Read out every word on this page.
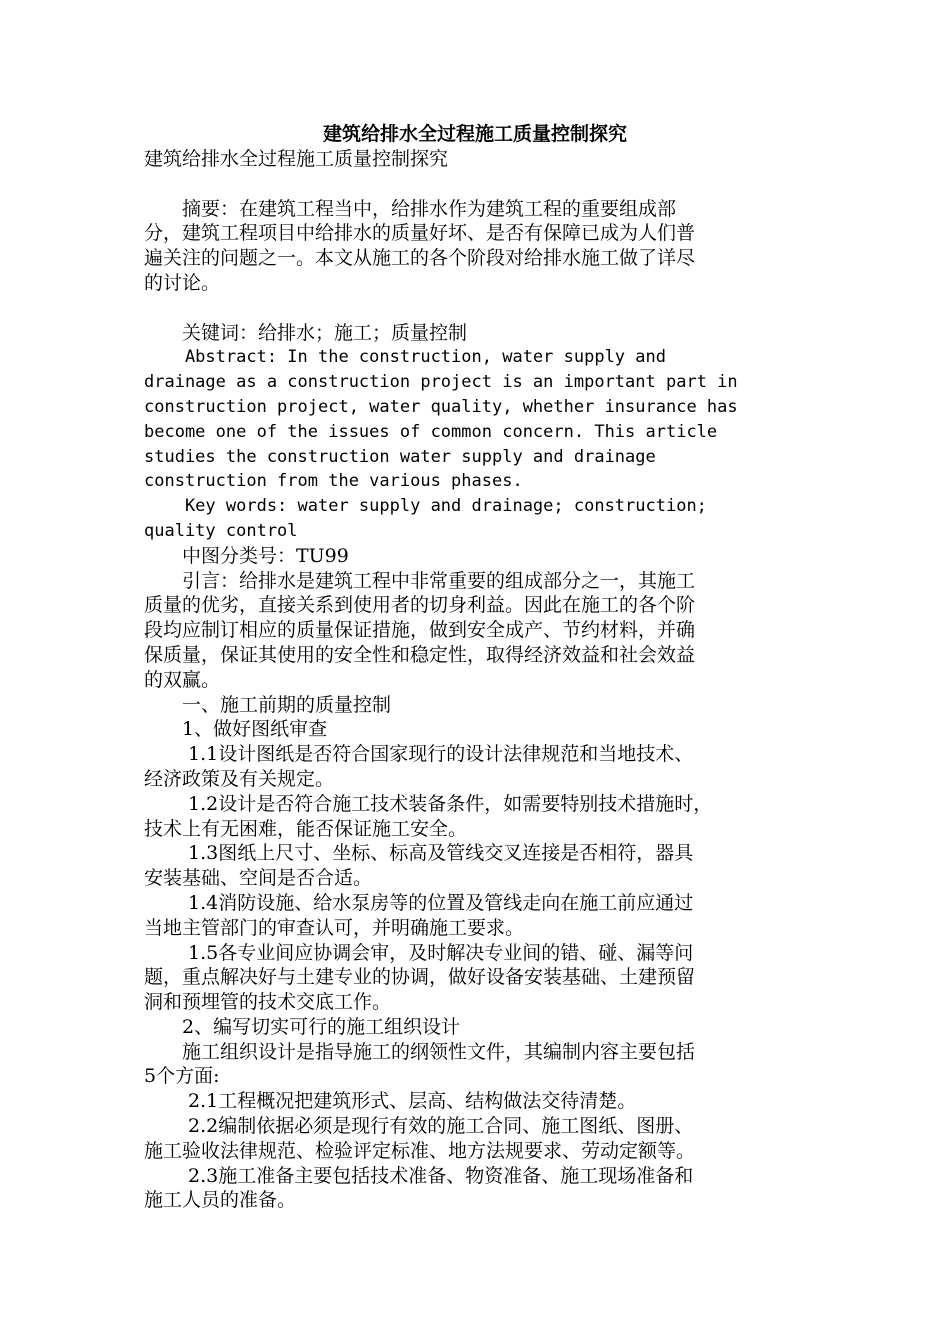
建筑给排水全过程施工质量控制探究

建筑给排水全过程施工质量控制探究

　　摘要：在建筑工程当中，给排水作为建筑工程的重要组成部

分，建筑工程项目中给排水的质量好坏、是否有保障已成为人们普

遍关注的问题之一。本文从施工的各个阶段对给排水施工做了详尽

的讨论。

　　关键词：给排水；施工；质量控制

Abstract: In the construction, water supply and

drainage as a construction project is an important part in

construction project, water quality, whether insurance has

become one of the issues of common concern. This article

studies the construction water supply and drainage

construction from the various phases.

Key words: water supply and drainage; construction;

quality control

　　中图分类号：TU99

　　引言：给排水是建筑工程中非常重要的组成部分之一，其施工

质量的优劣，直接关系到使用者的切身利益。因此在施工的各个阶

段均应制订相应的质量保证措施，做到安全成产、节约材料，并确

保质量，保证其使用的安全性和稳定性，取得经济效益和社会效益

的双赢。

　　一、施工前期的质量控制

　　1、做好图纸审查

　　 1.1设计图纸是否符合国家现行的设计法律规范和当地技术、

经济政策及有关规定。

　　 1.2设计是否符合施工技术装备条件，如需要特别技术措施时，

技术上有无困难，能否保证施工安全。

　　 1.3图纸上尺寸、坐标、标高及管线交叉连接是否相符，器具

安装基础、空间是否合适。

　　 1.4消防设施、给水泵房等的位置及管线走向在施工前应通过

当地主管部门的审查认可，并明确施工要求。

　　 1.5各专业间应协调会审，及时解决专业间的错、碰、漏等问

题，重点解决好与土建专业的协调，做好设备安装基础、土建预留

洞和预埋管的技术交底工作。

　　2、编写切实可行的施工组织设计

　　施工组织设计是指导施工的纲领性文件，其编制内容主要包括

5个方面:

　　 2.1工程概况把建筑形式、层高、结构做法交待清楚。

　　 2.2编制依据必须是现行有效的施工合同、施工图纸、图册、

施工验收法律规范、检验评定标准、地方法规要求、劳动定额等。

　　 2.3施工准备主要包括技术准备、物资准备、施工现场准备和

施工人员的准备。
